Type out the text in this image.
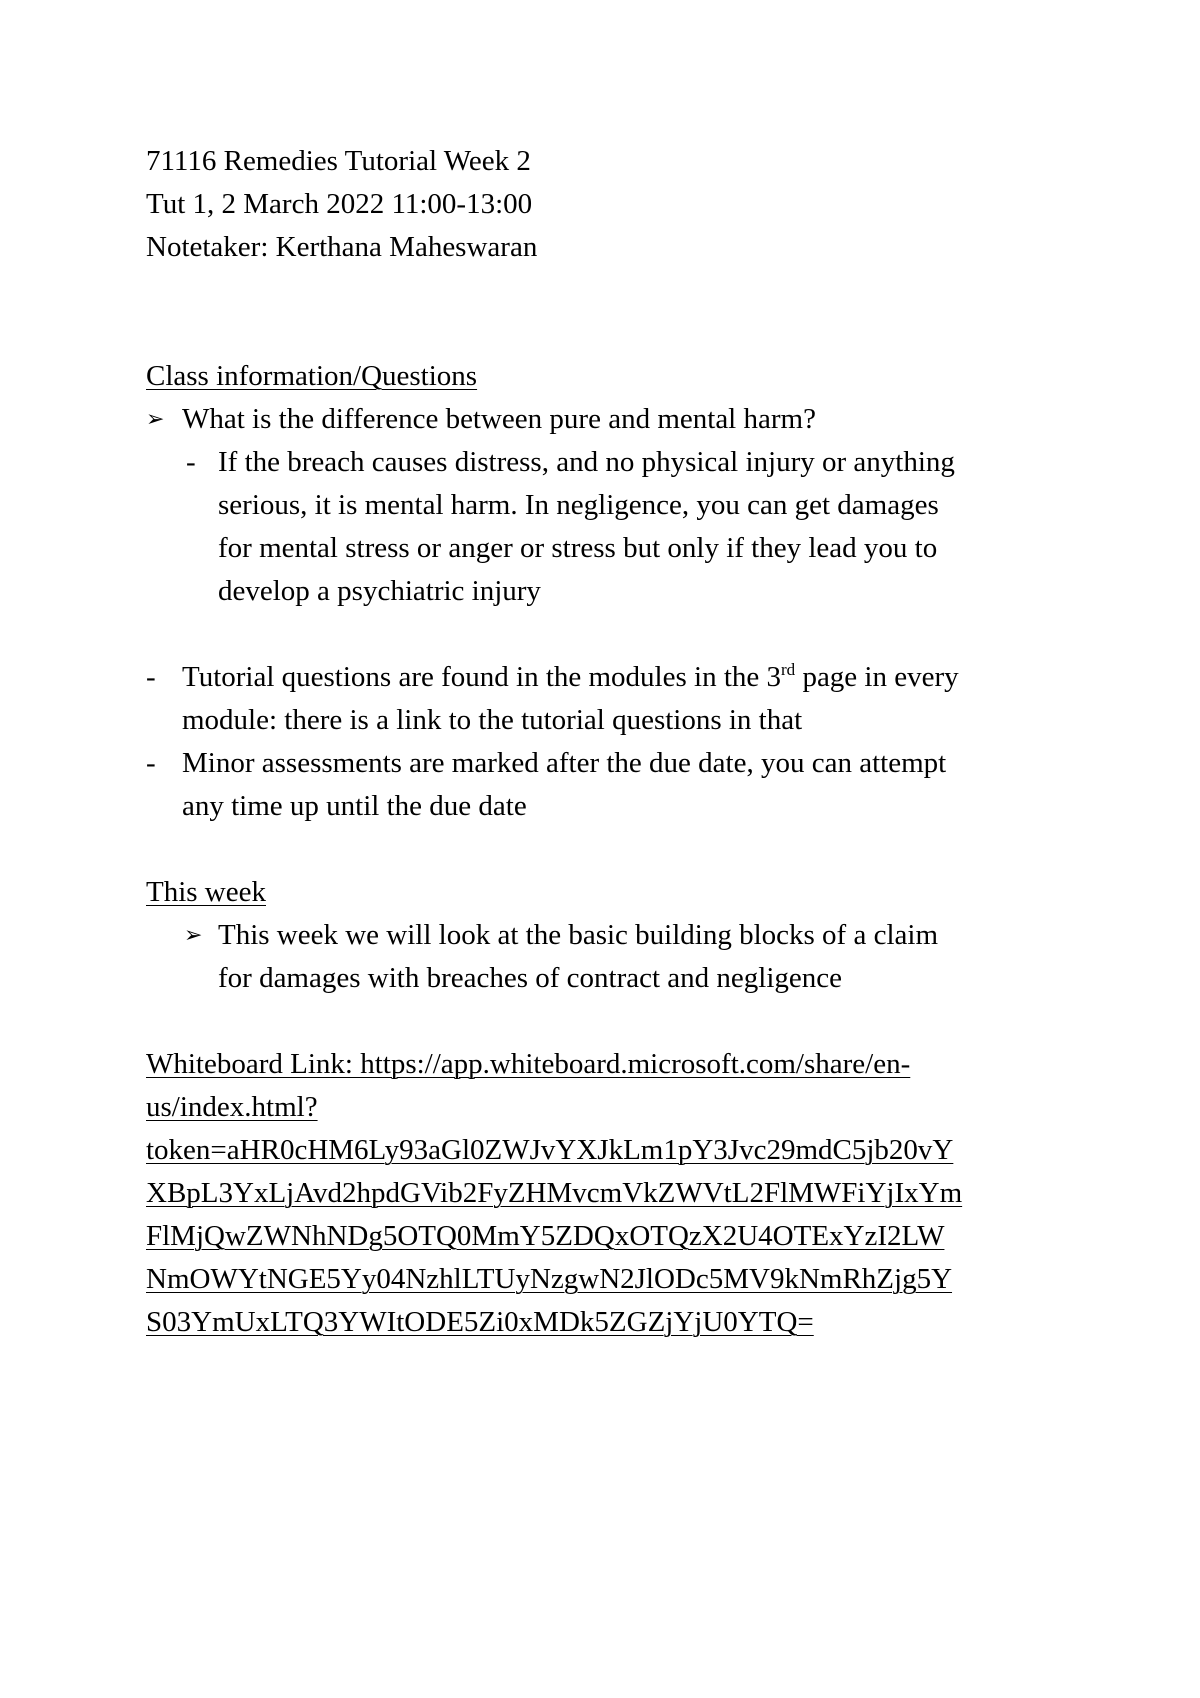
71116 Remedies Tutorial Week 2
Tut 1, 2 March 2022 11:00-13:00
Notetaker: Kerthana Maheswaran
Class information/Questions
➢ What is the difference between pure and mental harm?
- If the breach causes distress, and no physical injury or anything
serious, it is mental harm. In negligence, you can get damages
for mental stress or anger or stress but only if they lead you to
develop a psychiatric injury
- Tutorial questions are found in the modules in the 3rd page in every
module: there is a link to the tutorial questions in that
- Minor assessments are marked after the due date, you can attempt
any time up until the due date
This week
➢ This week we will look at the basic building blocks of a claim
for damages with breaches of contract and negligence
Whiteboard Link: https://app.whiteboard.microsoft.com/share/en-
us/index.html?
token=aHR0cHM6Ly93aGl0ZWJvYXJkLm1pY3Jvc29mdC5jb20vY
XBpL3YxLjAvd2hpdGVib2FyZHMvcmVkZWVtL2FlMWFiYjIxYm
FlMjQwZWNhNDg5OTQ0MmY5ZDQxOTQzX2U4OTExYzI2LW
NmOWYtNGE5Yy04NzhlLTUyNzgwN2JlODc5MV9kNmRhZjg5Y
S03YmUxLTQ3YWItODE5Zi0xMDk5ZGZjYjU0YTQ=
